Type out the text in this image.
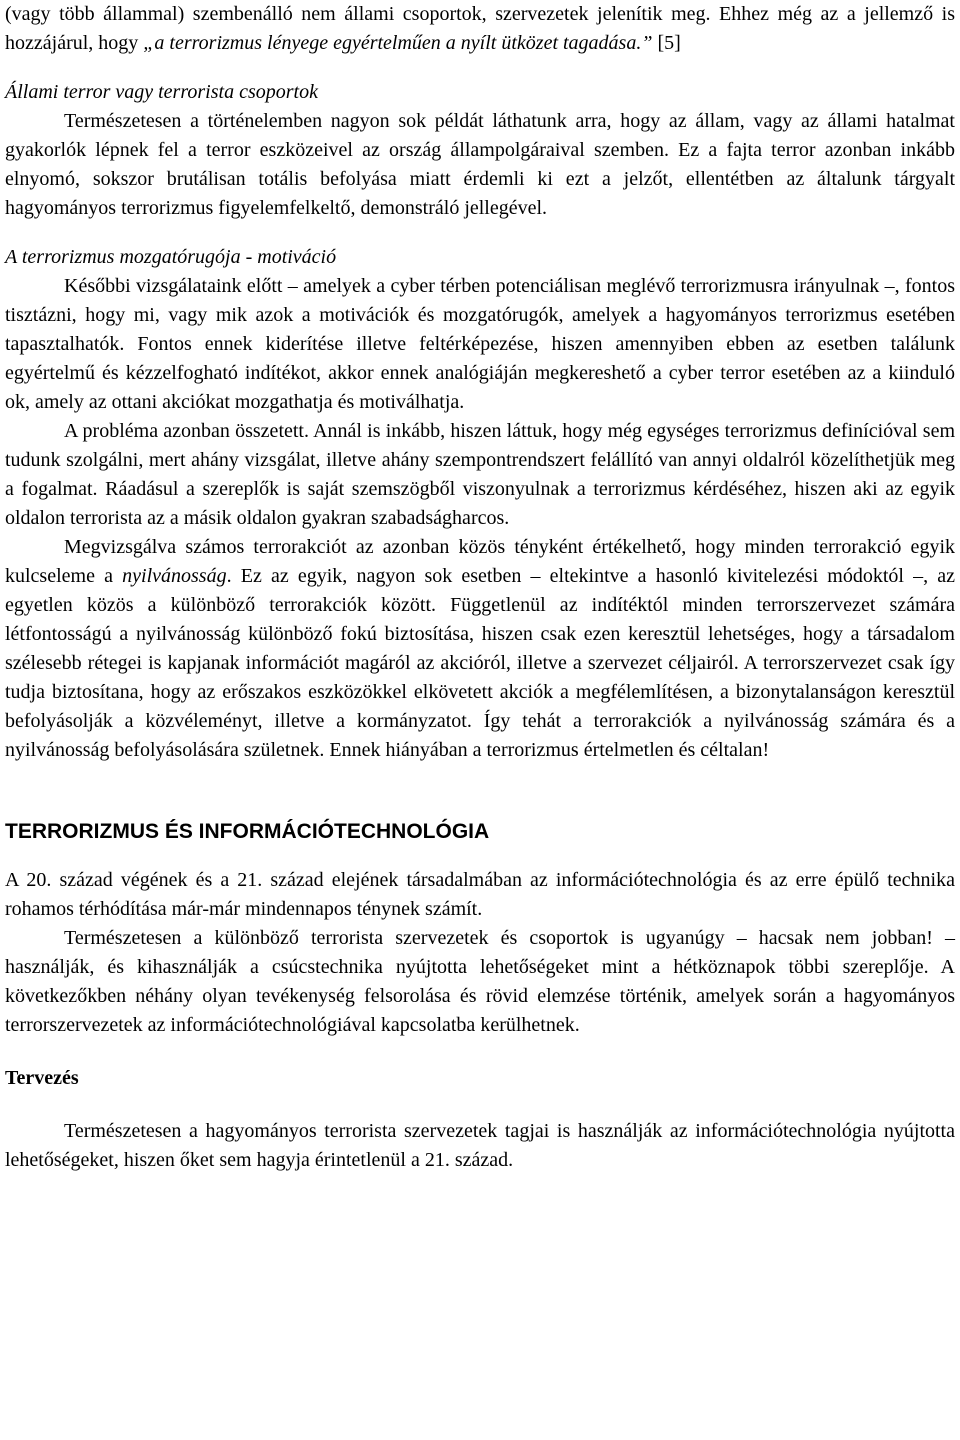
(vagy több állammal) szembenálló nem állami csoportok, szervezetek jelenítik meg. Ehhez még az a jellemző is hozzájárul, hogy „a terrorizmus lényege egyértelműen a nyílt ütközet tagadása.” [5]

Állami terror vagy terrorista csoportok

Természetesen a történelemben nagyon sok példát láthatunk arra, hogy az állam, vagy az állami hatalmat gyakorlók lépnek fel a terror eszközeivel az ország állampolgáraival szemben. Ez a fajta terror azonban inkább elnyomó, sokszor brutálisan totális befolyása miatt érdemli ki ezt a jelzőt, ellentétben az általunk tárgyalt hagyományos terrorizmus figyelemfelkeltő, demonstráló jellegével.

A terrorizmus mozgatórugója - motiváció

Későbbi vizsgálataink előtt – amelyek a cyber térben potenciálisan meglévő terrorizmusra irányulnak –, fontos tisztázni, hogy mi, vagy mik azok a motivációk és mozgatórugók, amelyek a hagyományos terrorizmus esetében tapasztalhatók. Fontos ennek kiderítése illetve feltérképezése, hiszen amennyiben ebben az esetben találunk egyértelmű és kézzelfogható indítékot, akkor ennek analógiáján megkereshető a cyber terror esetében az a kiinduló ok, amely az ottani akciókat mozgathatja és motiválhatja.

A probléma azonban összetett. Annál is inkább, hiszen láttuk, hogy még egységes terrorizmus definícióval sem tudunk szolgálni, mert ahány vizsgálat, illetve ahány szempontrendszert felállító van annyi oldalról közelíthetjük meg a fogalmat. Ráadásul a szereplők is saját szemszögből viszonyulnak a terrorizmus kérdéséhez, hiszen aki az egyik oldalon terrorista az a másik oldalon gyakran szabadságharcos.

Megvizsgálva számos terrorakciót az azonban közös tényként értékelhető, hogy minden terrorakció egyik kulcseleme a nyilvánosság. Ez az egyik, nagyon sok esetben – eltekintve a hasonló kivitelezési módoktól –, az egyetlen közös a különböző terrorakciók között. Függetlenül az indítéktól minden terrorszervezet számára létfontosságú a nyilvánosság különböző fokú biztosítása, hiszen csak ezen keresztül lehetséges, hogy a társadalom szélesebb rétegei is kapjanak információt magáról az akcióról, illetve a szervezet céljairól. A terrorszervezet csak így tudja biztosítana, hogy az erőszakos eszközökkel elkövetett akciók a megfélemlítésen, a bizonytalanságon keresztül befolyásolják a közvéleményt, illetve a kormányzatot. Így tehát a terrorakciók a nyilvánosság számára és a nyilvánosság befolyásolására születnek. Ennek hiányában a terrorizmus értelmetlen és céltalan!

TERRORIZMUS ÉS INFORMÁCIÓTECHNOLÓGIA

A 20. század végének és a 21. század elejének társadalmában az információtechnológia és az erre épülő technika rohamos térhódítása már-már mindennapos ténynek számít.

Természetesen a különböző terrorista szervezetek és csoportok is ugyanúgy – hacsak nem jobban! – használják, és kihasználják a csúcstechnika nyújtotta lehetőségeket mint a hétköznapok többi szereplője. A következőkben néhány olyan tevékenység felsorolása és rövid elemzése történik, amelyek során a hagyományos terrorszervezetek az információtechnológiával kapcsolatba kerülhetnek.

Tervezés

Természetesen a hagyományos terrorista szervezetek tagjai is használják az információtechnológia nyújtotta lehetőségeket, hiszen őket sem hagyja érintetlenül a 21. század.
